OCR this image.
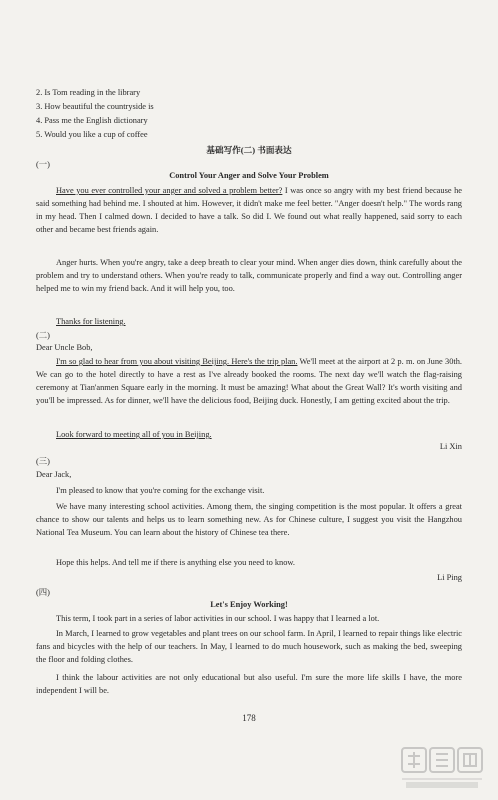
2. Is Tom reading in the library
3. How beautiful the countryside is
4. Pass me the English dictionary
5. Would you like a cup of coffee
基础写作(二) 书面表达
(一)
Control Your Anger and Solve Your Problem
Have you ever controlled your anger and solved a problem better? I was once so angry with my best friend because he said something had behind me. I shouted at him. However, it didn't make me feel better. "Anger doesn't help." The words rang in my head. Then I calmed down. I decided to have a talk. So did I. We found out what really happened, said sorry to each other and became best friends again.
Anger hurts. When you're angry, take a deep breath to clear your mind. When anger dies down, think carefully about the problem and try to understand others. When you're ready to talk, communicate properly and find a way out. Controlling anger helped me to win my friend back. And it will help you, too.
Thanks for listening.
(二)
Dear Uncle Bob,
I'm so glad to hear from you about visiting Beijing. Here's the trip plan. We'll meet at the airport at 2 p. m. on June 30th. We can go to the hotel directly to have a rest as I've already booked the rooms. The next day we'll watch the flag-raising ceremony at Tian'anmen Square early in the morning. It must be amazing! What about the Great Wall? It's worth visiting and you'll be impressed. As for dinner, we'll have the delicious food, Beijing duck. Honestly, I am getting excited about the trip.
Look forward to meeting all of you in Beijing.
Li Xin
(三)
Dear Jack,
I'm pleased to know that you're coming for the exchange visit.
We have many interesting school activities. Among them, the singing competition is the most popular. It offers a great chance to show our talents and helps us to learn something new. As for Chinese culture, I suggest you visit the Hangzhou National Tea Museum. You can learn about the history of Chinese tea there.
Hope this helps. And tell me if there is anything else you need to know.
Li Ping
(四)
Let's Enjoy Working!
This term, I took part in a series of labor activities in our school. I was happy that I learned a lot.
In March, I learned to grow vegetables and plant trees on our school farm. In April, I learned to repair things like electric fans and bicycles with the help of our teachers. In May, I learned to do much housework, such as making the bed, sweeping the floor and folding clothes.
I think the labour activities are not only educational but also useful. I'm sure the more life skills I have, the more independent I will be.
178
